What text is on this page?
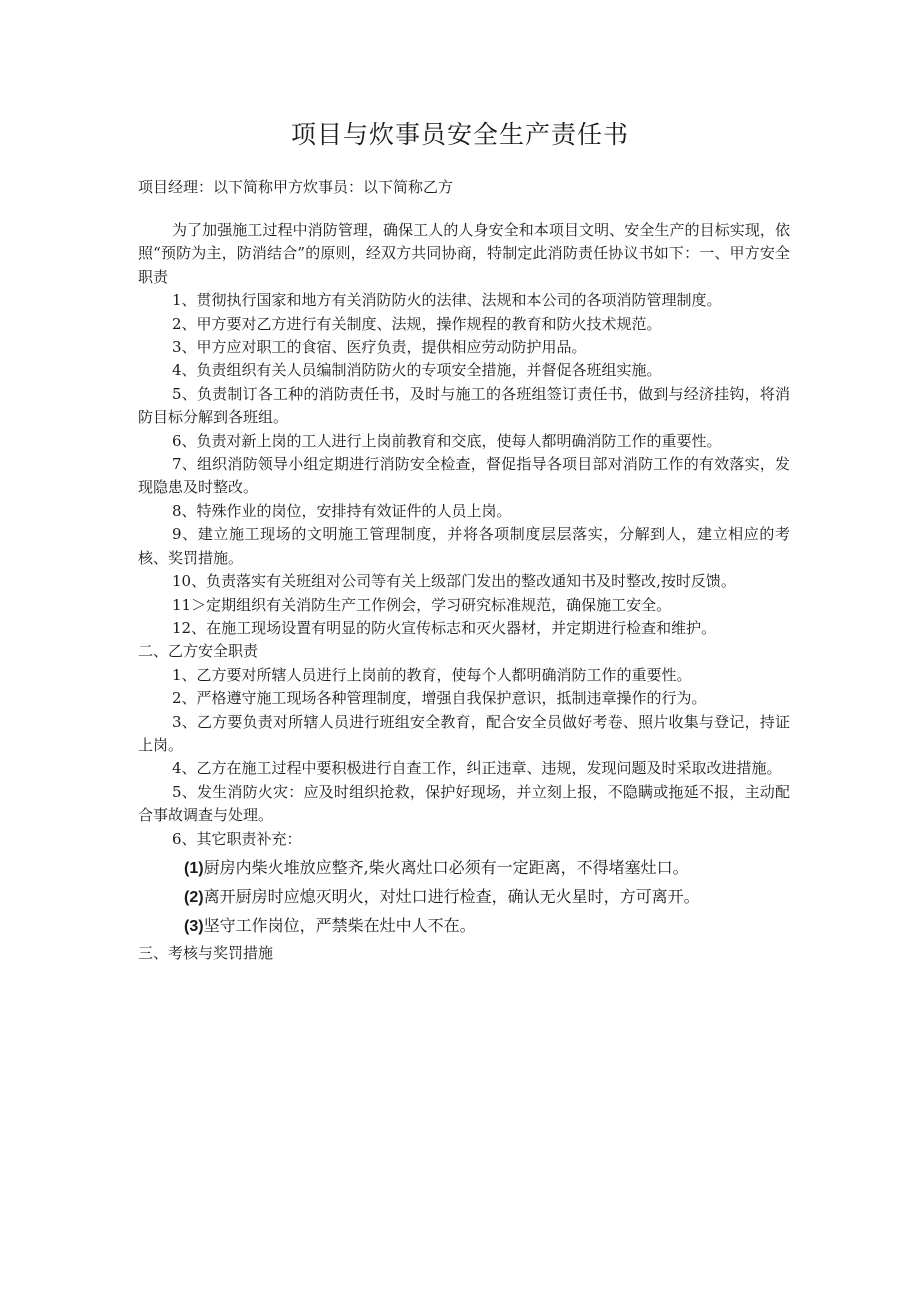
项目与炊事员安全生产责任书
项目经理：以下简称甲方炊事员：以下简称乙方

为了加强施工过程中消防管理，确保工人的人身安全和本项目文明、安全生产的目标实现，依照“预防为主，防消结合”的原则，经双方共同协商，特制定此消防责任协议书如下：一、甲方安全职责

1、贯彻执行国家和地方有关消防防火的法律、法规和本公司的各项消防管理制度。

2、甲方要对乙方进行有关制度、法规，操作规程的教育和防火技术规范。

3、甲方应对职工的食宿、医疗负责，提供相应劳动防护用品。

4、负责组织有关人员编制消防防火的专项安全措施，并督促各班组实施。

5、负责制订各工种的消防责任书，及时与施工的各班组签订责任书，做到与经济挂钩，将消防目标分解到各班组。

6、负责对新上岗的工人进行上岗前教育和交底，使每人都明确消防工作的重要性。

7、组织消防领导小组定期进行消防安全检查，督促指导各项目部对消防工作的有效落实，发现隐患及时整改。

8、特殊作业的岗位，安排持有效证件的人员上岗。

9、建立施工现场的文明施工管理制度，并将各项制度层层落实，分解到人，建立相应的考核、奖罚措施。

10、负责落实有关班组对公司等有关上级部门发出的整改通知书及时整改,按时反馈。

11＞定期组织有关消防生产工作例会，学习研究标准规范，确保施工安全。

12、在施工现场设置有明显的防火宣传标志和灭火器材，并定期进行检查和维护。

二、乙方安全职责

1、乙方要对所辖人员进行上岗前的教育，使每个人都明确消防工作的重要性。

2、严格遵守施工现场各种管理制度，增强自我保护意识，抵制违章操作的行为。

3、乙方要负责对所辖人员进行班组安全教育，配合安全员做好考卷、照片收集与登记，持证上岗。

4、乙方在施工过程中要积极进行自查工作，纠正违章、违规，发现问题及时采取改进措施。

5、发生消防火灾：应及时组织抢救，保护好现场，并立刻上报，不隐瞒或拖延不报，主动配合事故调查与处理。

6、其它职责补充：

(1)厨房内柴火堆放应整齐,柴火离灶口必须有一定距离，不得堵塞灶口。

(2)离开厨房时应熄灭明火，对灶口进行检查，确认无火星时，方可离开。

(3)坚守工作岗位，严禁柴在灶中人不在。

三、考核与奖罚措施
